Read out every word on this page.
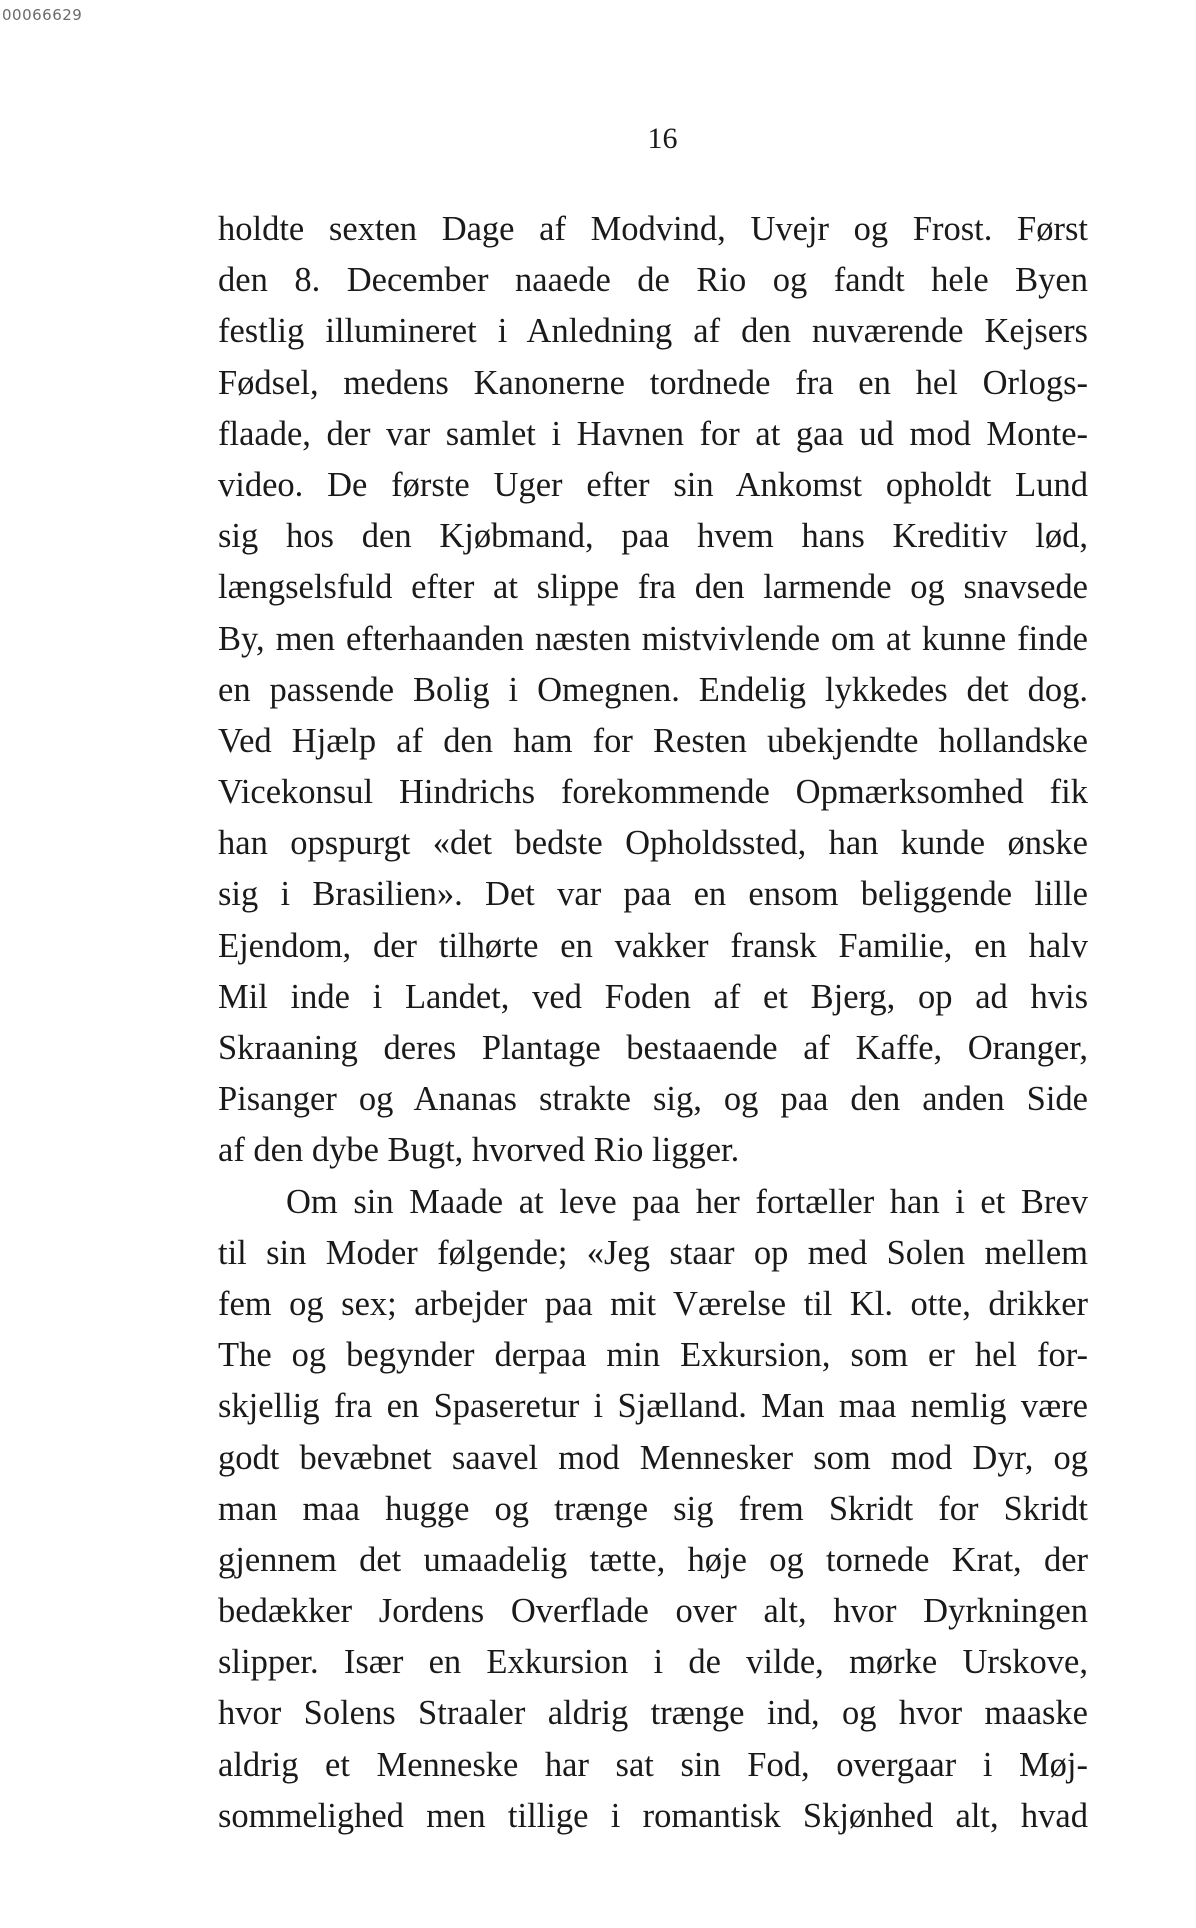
00066629
16
holdte sexten Dage af Modvind, Uvejr og Frost. Først
den 8. December naaede de Rio og fandt hele Byen
festlig illumineret i Anledning af den nuværende Kejsers
Fødsel, medens Kanonerne tordnede fra en hel Orlogs-
flaade, der var samlet i Havnen for at gaa ud mod Monte-
video. De første Uger efter sin Ankomst opholdt Lund
sig hos den Kjøbmand, paa hvem hans Kreditiv lød,
længselsfuld efter at slippe fra den larmende og snavsede
By, men efterhaanden næsten mistvivlende om at kunne finde
en passende Bolig i Omegnen. Endelig lykkedes det dog.
Ved Hjælp af den ham for Resten ubekjendte hollandske
Vicekonsul Hindrichs forekommende Opmærksomhed fik
han opspurgt «det bedste Opholdssted, han kunde ønske
sig i Brasilien». Det var paa en ensom beliggende lille
Ejendom, der tilhørte en vakker fransk Familie, en halv
Mil inde i Landet, ved Foden af et Bjerg, op ad hvis
Skraaning deres Plantage bestaaende af Kaffe, Oranger,
Pisanger og Ananas strakte sig, og paa den anden Side
af den dybe Bugt, hvorved Rio ligger.
Om sin Maade at leve paa her fortæller han i et Brev
til sin Moder følgende; «Jeg staar op med Solen mellem
fem og sex; arbejder paa mit Værelse til Kl. otte, drikker
The og begynder derpaa min Exkursion, som er hel for-
skjellig fra en Spaseretur i Sjælland. Man maa nemlig være
godt bevæbnet saavel mod Mennesker som mod Dyr, og
man maa hugge og trænge sig frem Skridt for Skridt
gjennem det umaadelig tætte, høje og tornede Krat, der
bedækker Jordens Overflade over alt, hvor Dyrkningen
slipper. Især en Exkursion i de vilde, mørke Urskove,
hvor Solens Straaler aldrig trænge ind, og hvor maaske
aldrig et Menneske har sat sin Fod, overgaar i Møj-
sommelighed men tillige i romantisk Skjønhed alt, hvad
